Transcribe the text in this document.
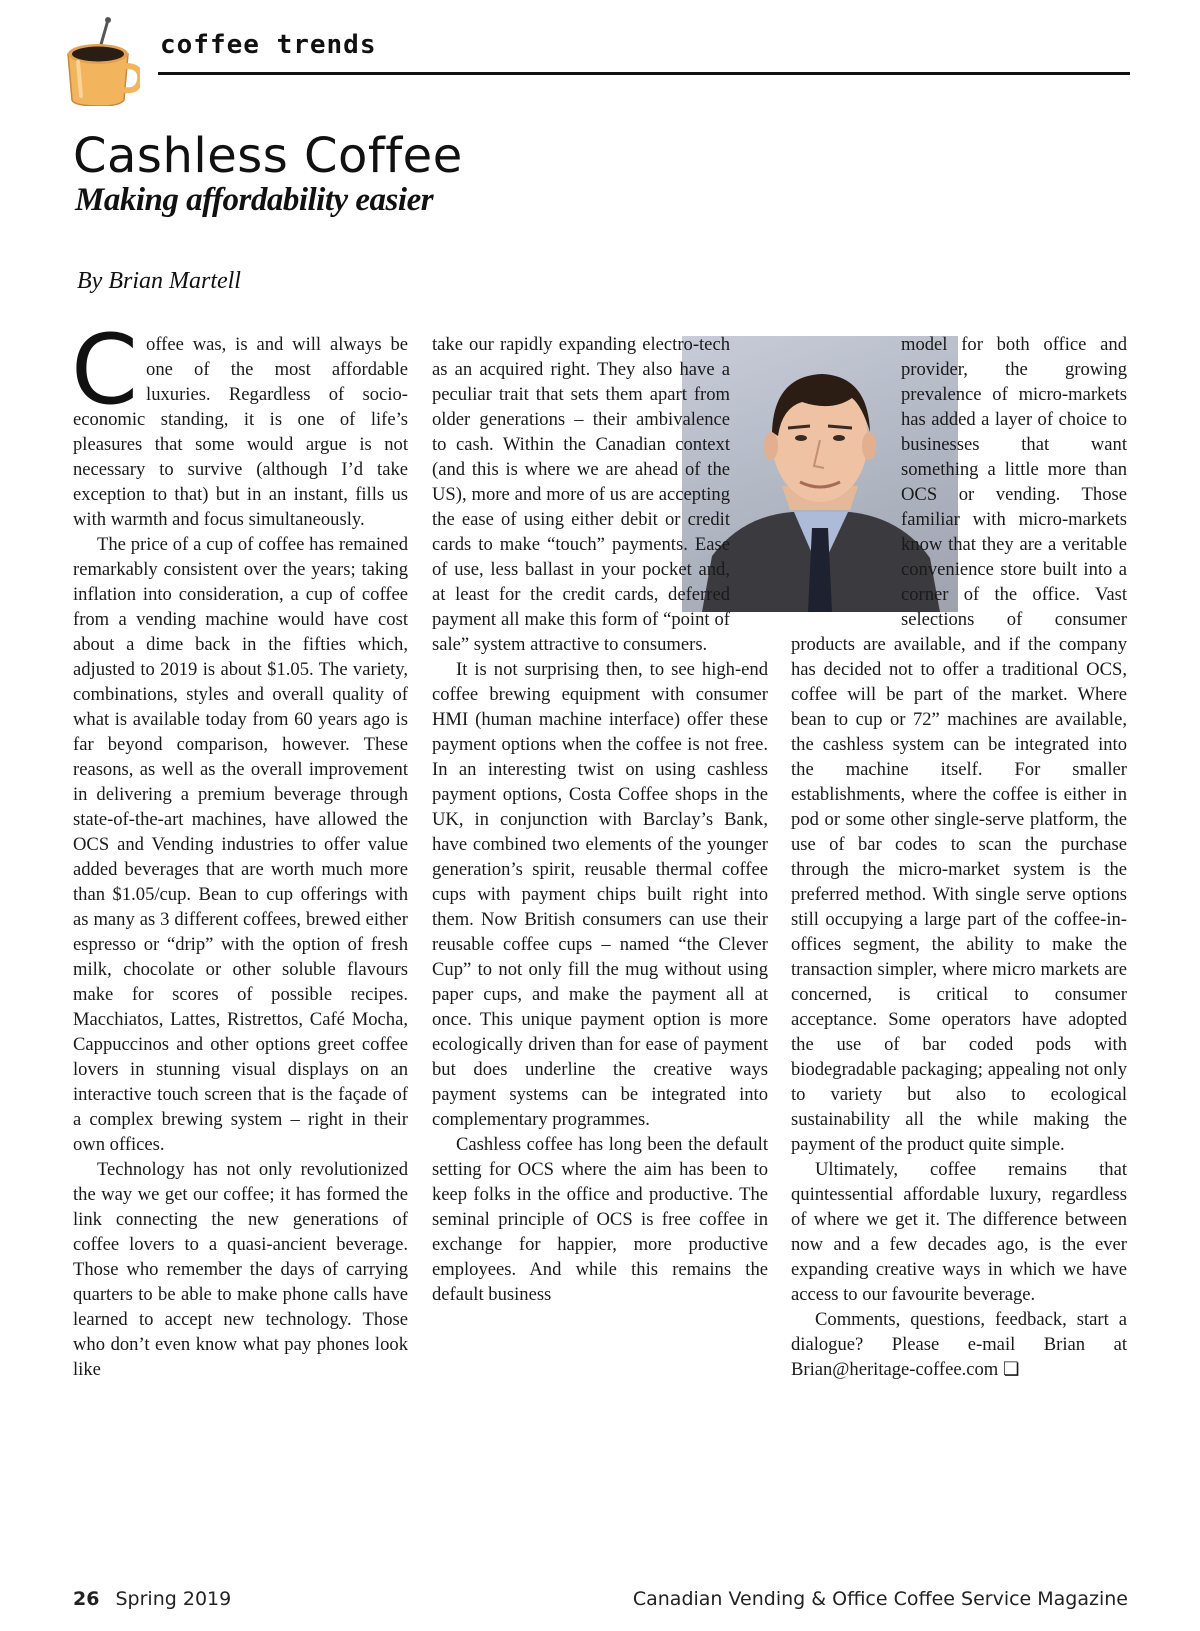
coffee trends
Cashless Coffee
Making affordability easier
By Brian Martell

Coffee was, is and will always be one of the most affordable luxuries. Regardless of socio-economic standing, it is one of life’s pleasures that some would argue is not necessary to survive (although I’d take exception to that) but in an instant, fills us with warmth and focus simultaneously.

The price of a cup of coffee has remained remarkably consistent over the years; taking inflation into consideration, a cup of coffee from a vending machine would have cost about a dime back in the fifties which, adjusted to 2019 is about $1.05. The variety, combinations, styles and overall quality of what is available today from 60 years ago is far beyond comparison, however. These reasons, as well as the overall improvement in delivering a premium beverage through state-of-the-art machines, have allowed the OCS and Vending industries to offer value added beverages that are worth much more than $1.05/cup. Bean to cup offerings with as many as 3 different coffees, brewed either espresso or “drip” with the option of fresh milk, chocolate or other soluble flavours make for scores of possible recipes. Macchiatos, Lattes, Ristrettos, Café Mocha, Cappuccinos and other options greet coffee lovers in stunning visual displays on an interactive touch screen that is the façade of a complex brewing system – right in their own offices.

Technology has not only revolutionized the way we get our coffee; it has formed the link connecting the new generations of coffee lovers to a quasi-ancient beverage. Those who remember the days of carrying quarters to be able to make phone calls have learned to accept new technology. Those who don’t even know what pay phones look like

take our rapidly expanding electro-tech as an acquired right. They also have a peculiar trait that sets them apart from older generations – their ambivalence to cash. Within the Canadian context (and this is where we are ahead of the US), more and more of us are accepting the ease of using either debit or credit cards to make “touch” payments. Ease of use, less ballast in your pocket and, at least for the credit cards, deferred payment all make this form of “point of sale” system attractive to consumers.

It is not surprising then, to see high-end coffee brewing equipment with consumer HMI (human machine interface) offer these payment options when the coffee is not free. In an interesting twist on using cashless payment options, Costa Coffee shops in the UK, in conjunction with Barclay’s Bank, have combined two elements of the younger generation’s spirit, reusable thermal coffee cups with payment chips built right into them. Now British consumers can use their reusable coffee cups – named “the Clever Cup” to not only fill the mug without using paper cups, and make the payment all at once. This unique payment option is more ecologically driven than for ease of payment but does underline the creative ways payment systems can be integrated into complementary programmes.

Cashless coffee has long been the default setting for OCS where the aim has been to keep folks in the office and productive. The seminal principle of OCS is free coffee in exchange for happier, more productive employees. And while this remains the default business

model for both office and provider, the growing prevalence of micro-markets has added a layer of choice to businesses that want something a little more than OCS or vending. Those familiar with micro-markets know that they are a veritable convenience store built into a corner of the office. Vast selections of consumer products are available, and if the company has decided not to offer a traditional OCS, coffee will be part of the market. Where bean to cup or 72” machines are available, the cashless system can be integrated into the machine itself. For smaller establishments, where the coffee is either in pod or some other single-serve platform, the use of bar codes to scan the purchase through the micro-market system is the preferred method. With single serve options still occupying a large part of the coffee-in-offices segment, the ability to make the transaction simpler, where micro markets are concerned, is critical to consumer acceptance. Some operators have adopted the use of bar coded pods with biodegradable packaging; appealing not only to variety but also to ecological sustainability all the while making the payment of the product quite simple.

Ultimately, coffee remains that quintessential affordable luxury, regardless of where we get it. The difference between now and a few decades ago, is the ever expanding creative ways in which we have access to our favourite beverage.

Comments, questions, feedback, start a dialogue? Please e-mail Brian at Brian@heritage-coffee.com ❏

26 Spring 2019	Canadian Vending & Office Coffee Service Magazine
